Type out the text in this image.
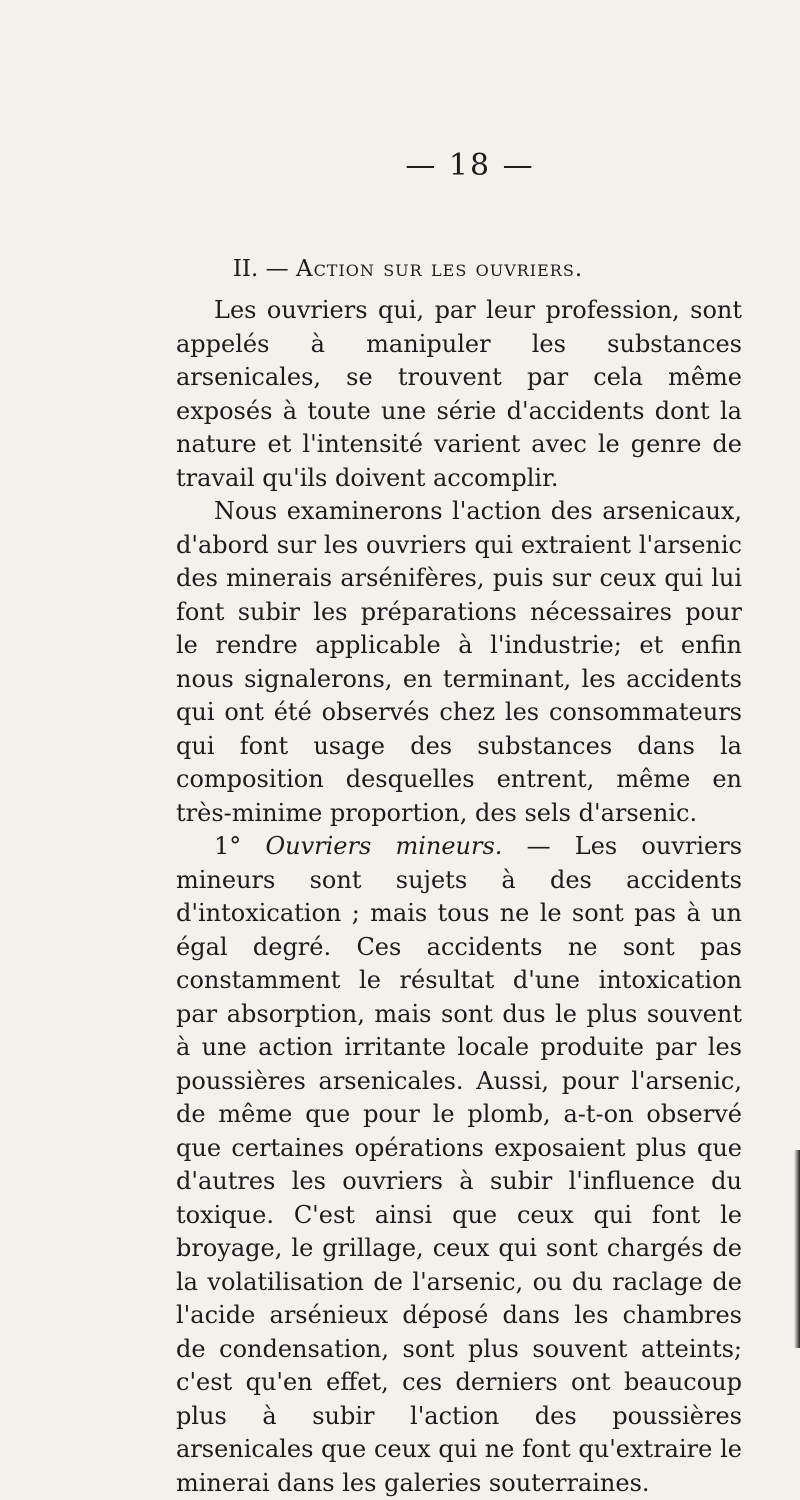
— 18 —
II. — Action sur les ouvriers.

Les ouvriers qui, par leur profession, sont appelés à manipuler les substances arsenicales, se trouvent par cela même exposés à toute une série d'accidents dont la nature et l'intensité varient avec le genre de travail qu'ils doivent accomplir.

Nous examinerons l'action des arsenicaux, d'abord sur les ouvriers qui extraient l'arsenic des minerais arsénifères, puis sur ceux qui lui font subir les préparations nécessaires pour le rendre applicable à l'industrie; et enfin nous signalerons, en terminant, les accidents qui ont été observés chez les consommateurs qui font usage des substances dans la composition desquelles entrent, même en très-minime proportion, des sels d'arsenic.

1° Ouvriers mineurs. — Les ouvriers mineurs sont sujets à des accidents d'intoxication ; mais tous ne le sont pas à un égal degré. Ces accidents ne sont pas constamment le résultat d'une intoxication par absorption, mais sont dus le plus souvent à une action irritante locale produite par les poussières arsenicales. Aussi, pour l'arsenic, de même que pour le plomb, a-t-on observé que certaines opérations exposaient plus que d'autres les ouvriers à subir l'influence du toxique. C'est ainsi que ceux qui font le broyage, le grillage, ceux qui sont chargés de la volatilisation de l'arsenic, ou du raclage de l'acide arsénieux déposé dans les chambres de condensation, sont plus souvent atteints; c'est qu'en effet, ces derniers ont beaucoup plus à subir l'action des poussières arsenicales que ceux qui ne font qu'extraire le minerai dans les galeries souterraines.
